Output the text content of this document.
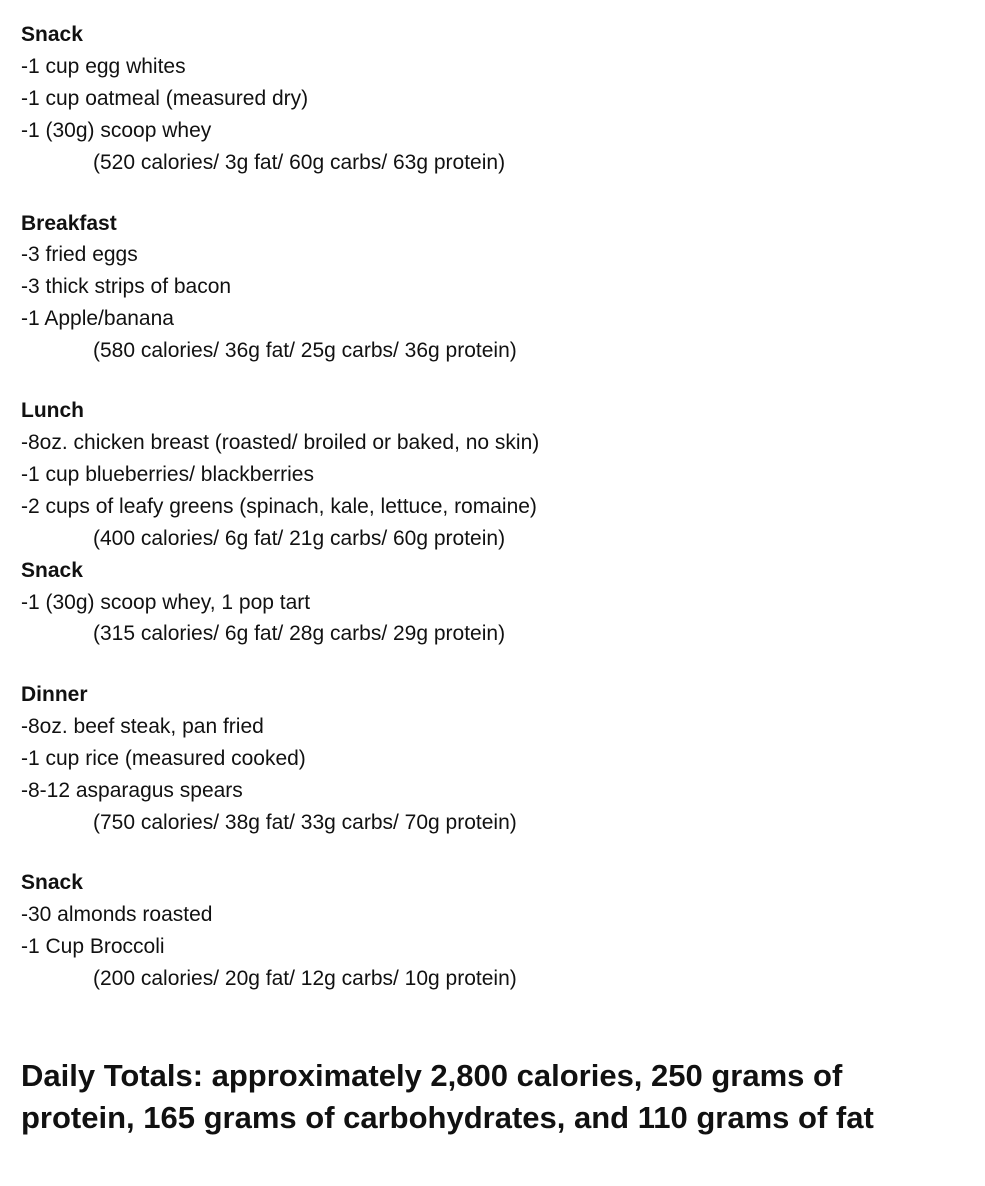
Snack
-1 cup egg whites
-1 cup oatmeal (measured dry)
-1 (30g) scoop whey
(520 calories/ 3g fat/ 60g carbs/ 63g protein)
Breakfast
-3 fried eggs
-3 thick strips of bacon
-1 Apple/banana
(580 calories/ 36g fat/ 25g carbs/ 36g protein)
Lunch
-8oz. chicken breast (roasted/ broiled or baked, no skin)
-1 cup blueberries/ blackberries
-2 cups of leafy greens (spinach, kale, lettuce, romaine)
(400 calories/ 6g fat/ 21g carbs/ 60g protein)
Snack
-1 (30g) scoop whey, 1 pop tart
(315 calories/ 6g fat/ 28g carbs/ 29g protein)
Dinner
-8oz. beef steak, pan fried
-1 cup rice (measured cooked)
-8-12 asparagus spears
(750 calories/ 38g fat/ 33g carbs/ 70g protein)
Snack
-30 almonds roasted
-1 Cup Broccoli
(200 calories/ 20g fat/ 12g carbs/ 10g protein)
Daily Totals: approximately 2,800 calories, 250 grams of protein, 165 grams of carbohydrates, and 110 grams of fat
